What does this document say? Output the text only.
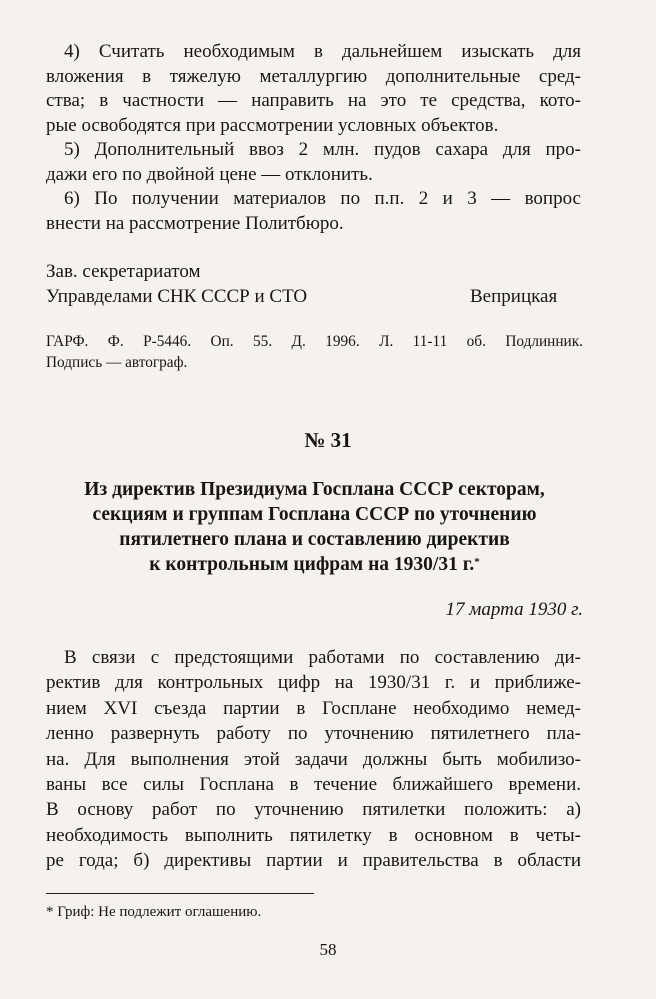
4) Считать необходимым в дальнейшем изыскать для
вложения в тяжелую металлургию дополнительные сред-
ства; в частности — направить на это те средства, кото-
рые освободятся при рассмотрении условных объектов.

5) Дополнительный ввоз 2 млн. пудов сахара для про-
дажи его по двойной цене — отклонить.

6) По получении материалов по п.п. 2 и 3 — вопрос
внести на рассмотрение Политбюро.

Зав. секретариатом
Управделами СНК СССР и СТО	Веприцкая

ГАРФ. Ф. Р-5446. Оп. 55. Д. 1996. Л. 11-11 об. Подлинник.
Подпись — автограф.

№ 31

Из директив Президиума Госплана СССР секторам,
секциям и группам Госплана СССР по уточнению
пятилетнего плана и составлению директив
к контрольным цифрам на 1930/31 г.*

17 марта 1930 г.

В связи с предстоящими работами по составлению ди-
ректив для контрольных цифр на 1930/31 г. и приближе-
нием XVI съезда партии в Госплане необходимо немед-
ленно развернуть работу по уточнению пятилетнего пла-
на. Для выполнения этой задачи должны быть мобилизо-
ваны все силы Госплана в течение ближайшего времени.
В основу работ по уточнению пятилетки положить: а)
необходимость выполнить пятилетку в основном в четы-
ре года; б) директивы партии и правительства в области

* Гриф: Не подлежит оглашению.
58
